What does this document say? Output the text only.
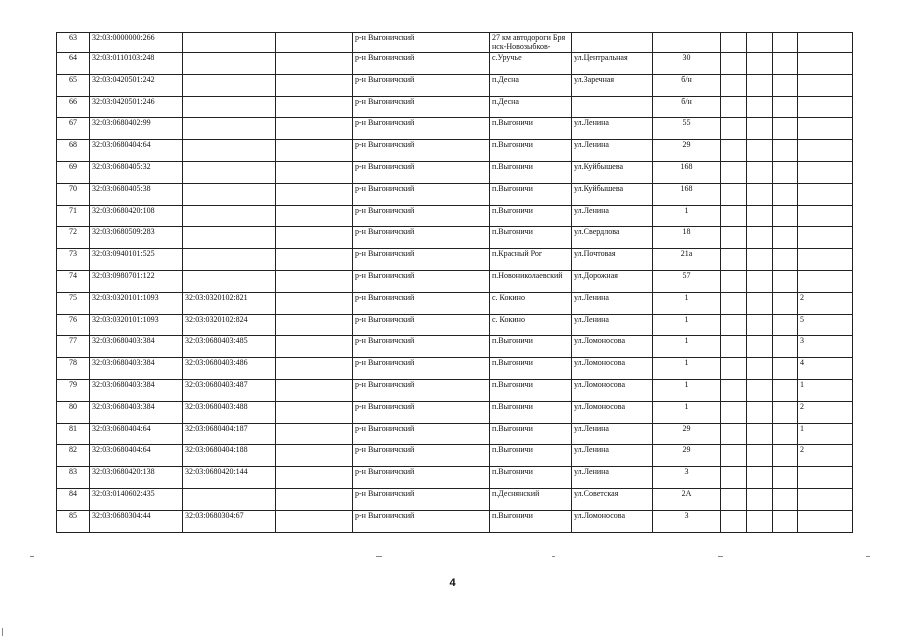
63	32:03:0000000:266			р-н Выгоничский	27 км автодороги Брянск-Новозыбков-						
64	32:03:0110103:248			р-н Выгоничский	с.Уручье	ул.Центральная	30				
65	32:03:0420501:242			р-н Выгоничский	п.Десна	ул.Заречная	б/н				
66	32:03:0420501:246			р-н Выгоничский	п.Десна		б/н				
67	32:03:0680402:99			р-н Выгоничский	п.Выгоничи	ул.Ленина	55				
68	32:03:0680404:64			р-н Выгоничский	п.Выгоничи	ул.Ленина	29				
69	32:03:0680405:32			р-н Выгоничский	п.Выгоничи	ул.Куйбышева	168				
70	32:03:0680405:38			р-н Выгоничский	п.Выгоничи	ул.Куйбышева	168				
71	32:03:0680420:108			р-н Выгоничский	п.Выгоничи	ул.Ленина	1				
72	32:03:0680509:283			р-н Выгоничский	п.Выгоничи	ул.Свердлова	18				
73	32:03:0940101:525			р-н Выгоничский	п.Красный Рог	ул.Почтовая	21а				
74	32:03:0980701:122			р-н Выгоничский	п.Новониколаевский	ул.Дорожная	57				
75	32:03:0320101:1093	32:03:0320102:821		р-н Выгоничский	с. Кокино	ул.Ленина	1				2
76	32:03:0320101:1093	32:03:0320102:824		р-н Выгоничский	с. Кокино	ул.Ленина	1				5
77	32:03:0680403:384	32:03:0680403:485		р-н Выгоничский	п.Выгоничи	ул.Ломоносова	1				3
78	32:03:0680403:384	32:03:0680403:486		р-н Выгоничский	п.Выгоничи	ул.Ломоносова	1				4
79	32:03:0680403:384	32:03:0680403:487		р-н Выгоничский	п.Выгоничи	ул.Ломоносова	1				1
80	32:03:0680403:384	32:03:0680403:488		р-н Выгоничский	п.Выгоничи	ул.Ломоносова	1				2
81	32:03:0680404:64	32:03:0680404:187		р-н Выгоничский	п.Выгоничи	ул.Ленина	29				1
82	32:03:0680404:64	32:03:0680404:188		р-н Выгоничский	п.Выгоничи	ул.Ленина	29				2
83	32:03:0680420:138	32:03:0680420:144		р-н Выгоничский	п.Выгоничи	ул.Ленина	3				
84	32:03:0140602:435			р-н Выгоничский	п.Деснянский	ул.Советская	2А				
85	32:03:0680304:44	32:03:0680304:67		р-н Выгоничский	п.Выгоничи	ул.Ломоносова	3				
4
